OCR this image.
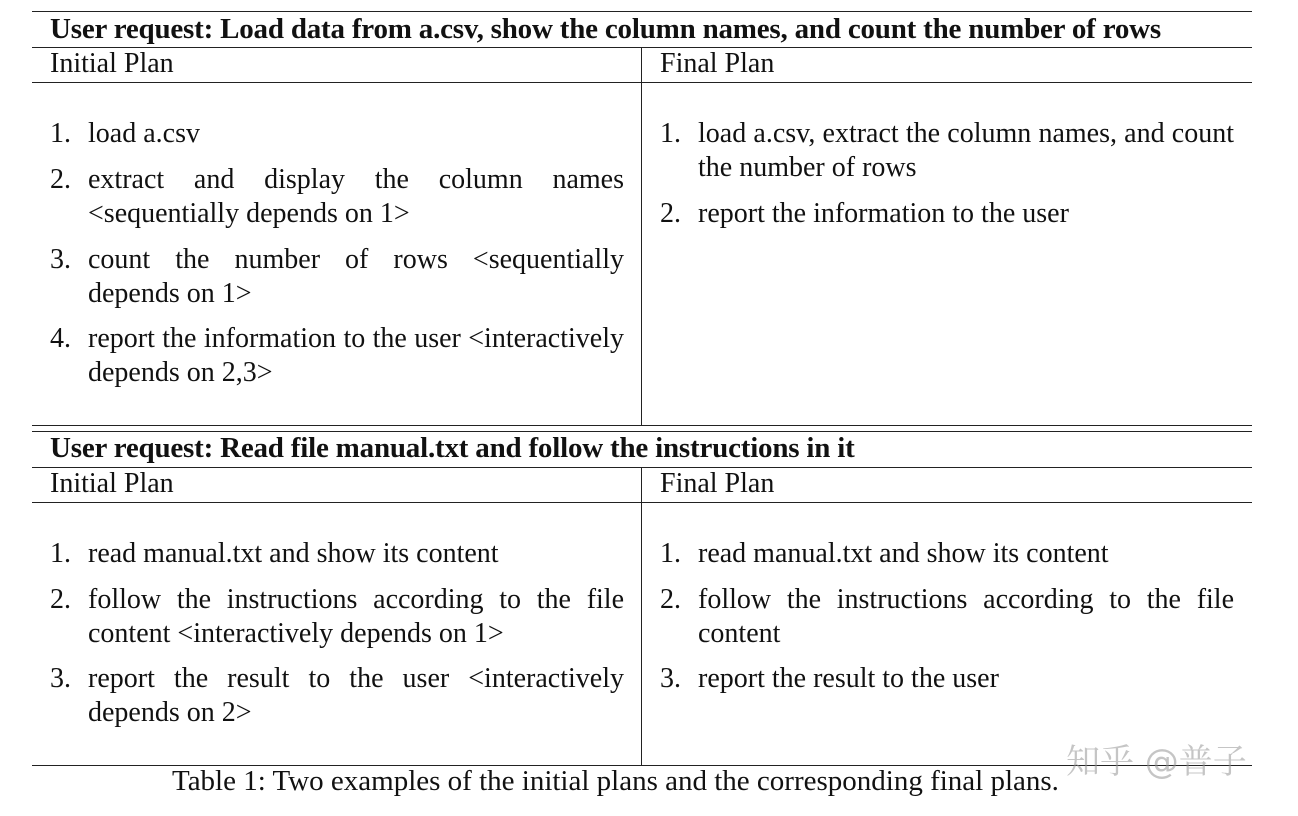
User request: Load data from a.csv, show the column names, and count the number of rows
Initial Plan	Final Plan
1. load a.csv
2. extract and display the column names <sequentially depends on 1>
3. count the number of rows <sequentially depends on 1>
4. report the information to the user <interactively depends on 2,3>
1. load a.csv, extract the column names, and count the number of rows
2. report the information to the user
User request: Read file manual.txt and follow the instructions in it
Initial Plan	Final Plan
1. read manual.txt and show its content
2. follow the instructions according to the file content <interactively depends on 1>
3. report the result to the user <interactively depends on 2>
1. read manual.txt and show its content
2. follow the instructions according to the file content
3. report the result to the user
Table 1: Two examples of the initial plans and the corresponding final plans. 知乎 @普子
